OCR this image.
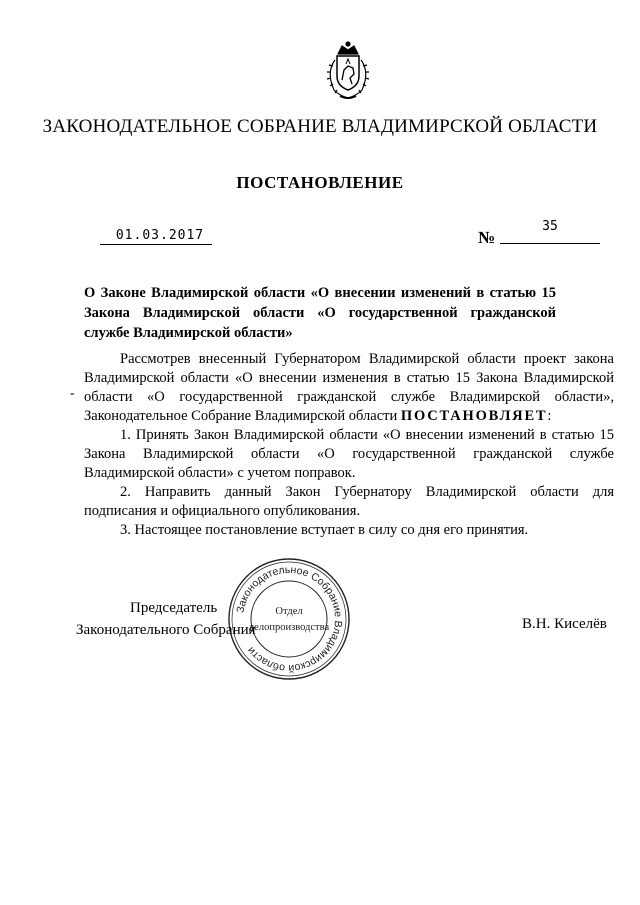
ЗАКОНОДАТЕЛЬНОЕ СОБРАНИЕ ВЛАДИМИРСКОЙ ОБЛАСТИ
ПОСТАНОВЛЕНИЕ
01.03.2017	№
35
О Законе Владимирской области «О внесении изменений в статью 15 Закона Владимирской области «О государственной гражданской службе Владимирской области»
-

Рассмотрев внесенный Губернатором Владимирской области проект закона Владимирской области «О внесении изменения в статью 15 Закона Владимирской области «О государственной гражданской службе Владимирской области», Законодательное Собрание Владимирской области ПОСТАНОВЛЯЕТ:

1. Принять Закон Владимирской области «О внесении изменений в статью 15 Закона Владимирской области «О государственной гражданской службе Владимирской области» с учетом поправок.

2. Направить данный Закон Губернатору Владимирской области для подписания и официального опубликования.

3. Настоящее постановление вступает в силу со дня его принятия.

Законодательное Собрание Владимирской области
Отдел
делопроизводства
Председатель
Законодательного Собрания	В.Н. Киселёв
